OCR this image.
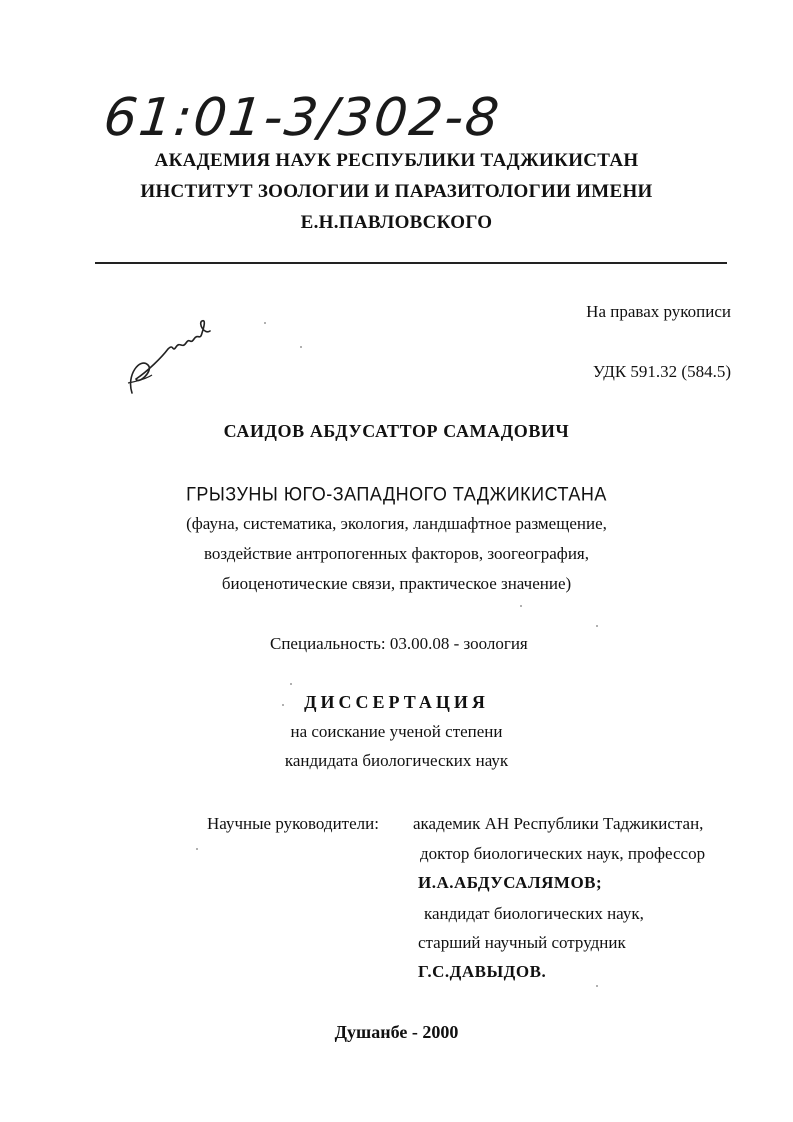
61:01-3/302-8
АКАДЕМИЯ НАУК РЕСПУБЛИКИ ТАДЖИКИСТАН
ИНСТИТУТ ЗООЛОГИИ И ПАРАЗИТОЛОГИИ ИМЕНИ
Е.Н.ПАВЛОВСКОГО
На правах рукописи
УДК 591.32 (584.5)
САИДОВ АБДУСАТТОР САМАДОВИЧ
ГРЫЗУНЫ ЮГО-ЗАПАДНОГО ТАДЖИКИСТАНА
(фауна, систематика, экология, ландшафтное размещение,
воздействие антропогенных факторов, зоогеография,
биоценотические связи, практическое значение)
Специальность: 03.00.08 - зоология
ДИССЕРТАЦИЯ
на соискание ученой степени
кандидата биологических наук
Научные руководители: академик АН Республики Таджикистан,
доктор биологических наук, профессор
И.А.АБДУСАЛЯМОВ;
кандидат биологических наук,
старший научный сотрудник
Г.С.ДАВЫДОВ.
Душанбе - 2000
